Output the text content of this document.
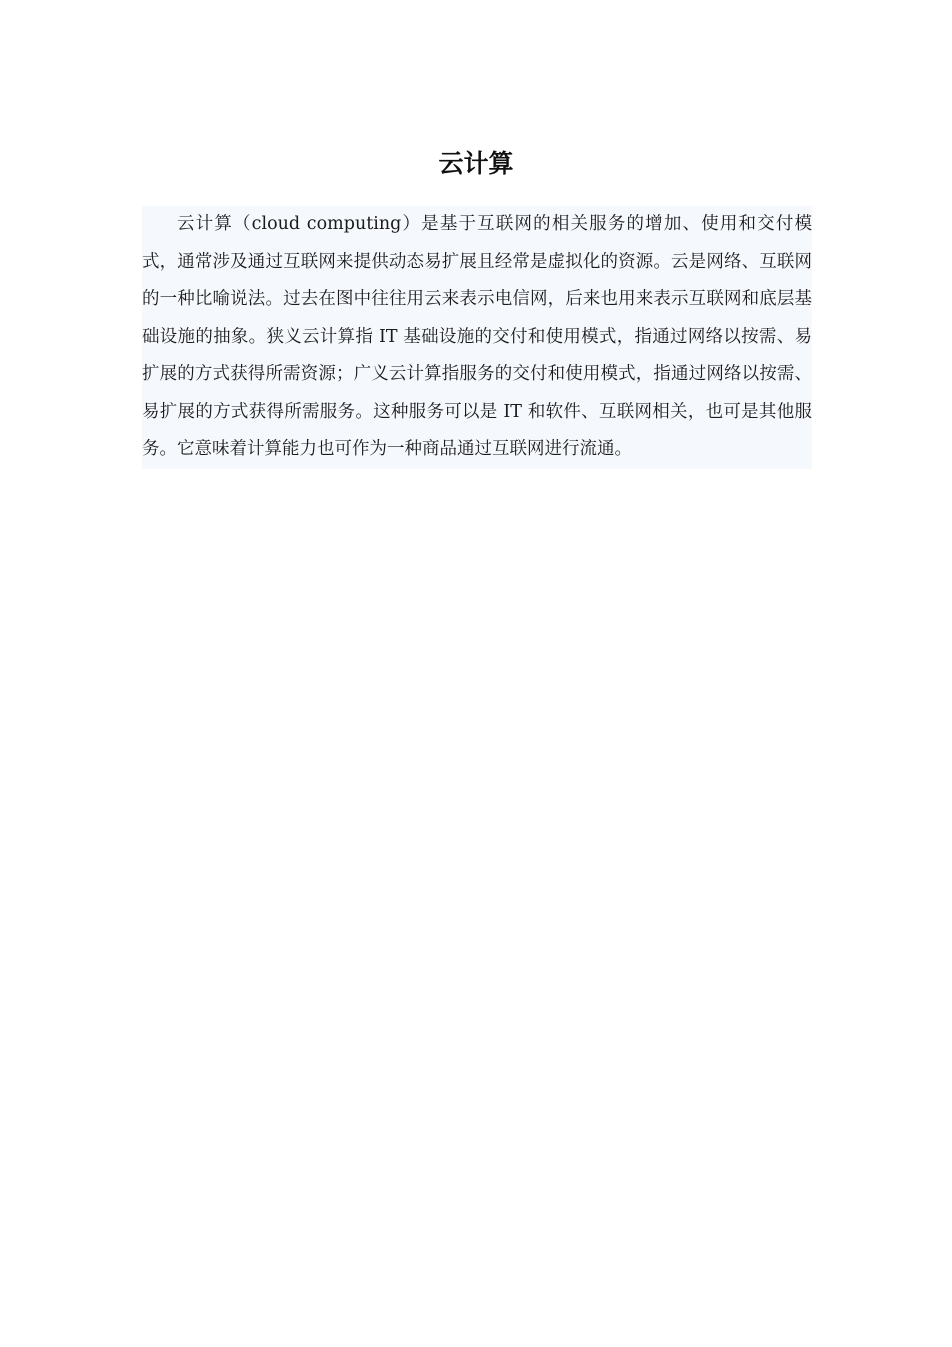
云计算

云计算（cloud computing）是基于互联网的相关服务的增加、使用和交付模式，通常涉及通过互联网来提供动态易扩展且经常是虚拟化的资源。云是网络、互联网的一种比喻说法。过去在图中往往用云来表示电信网，后来也用来表示互联网和底层基础设施的抽象。狭义云计算指 IT 基础设施的交付和使用模式，指通过网络以按需、易扩展的方式获得所需资源；广义云计算指服务的交付和使用模式，指通过网络以按需、易扩展的方式获得所需服务。这种服务可以是 IT 和软件、互联网相关，也可是其他服务。它意味着计算能力也可作为一种商品通过互联网进行流通。
